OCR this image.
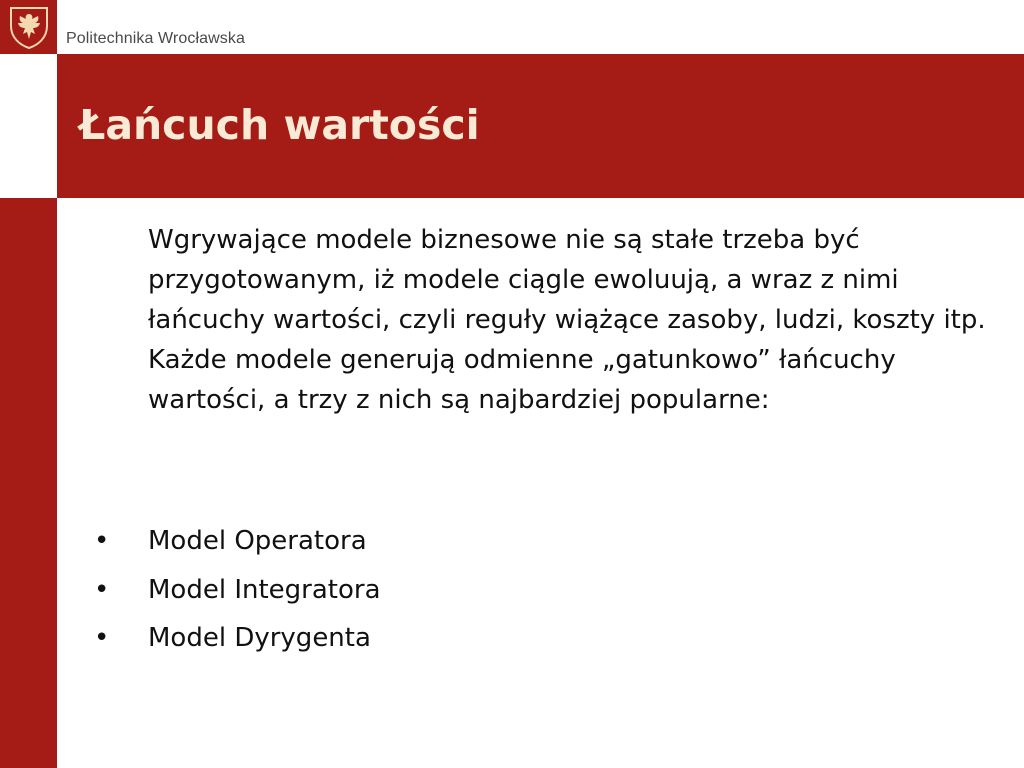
Politechnika Wrocławska
Łańcuch wartości

Wgrywające modele biznesowe nie są stałe trzeba być przygotowanym, iż modele ciągle ewoluują, a wraz z nimi łańcuchy wartości, czyli reguły wiążące zasoby, ludzi, koszty itp. Każde modele generują odmienne „gatunkowo” łańcuchy wartości, a trzy z nich są najbardziej popularne:

• Model Operatora
• Model Integratora
• Model Dyrygenta
